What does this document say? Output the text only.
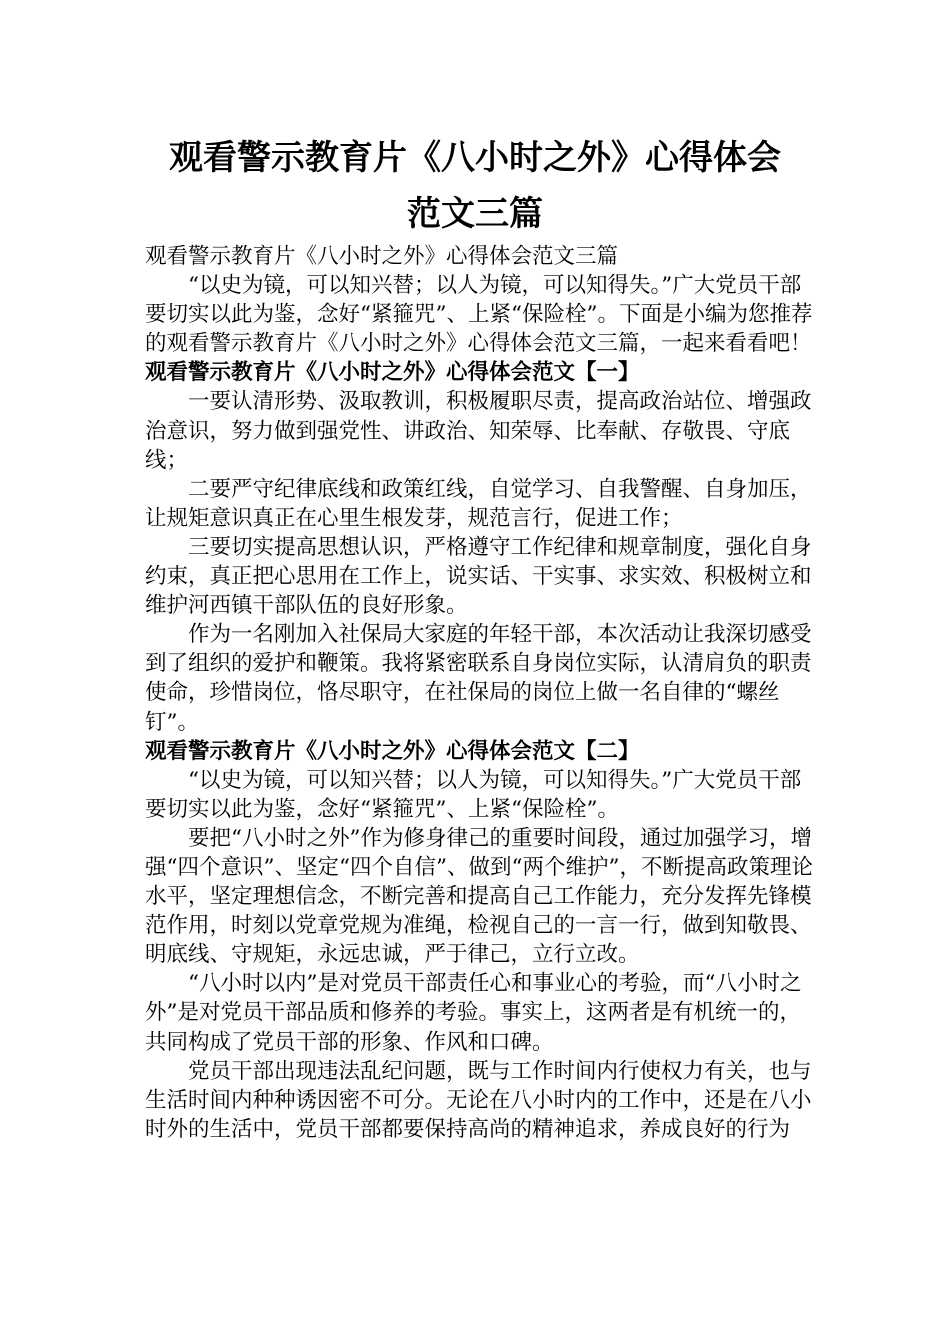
观看警示教育片《八小时之外》心得体会
范文三篇

观看警示教育片《八小时之外》心得体会范文三篇

“以史为镜，可以知兴替；以人为镜，可以知得失。”广大党员干部要切实以此为鉴，念好“紧箍咒”、上紧“保险栓”。下面是小编为您推荐的观看警示教育片《八小时之外》心得体会范文三篇，一起来看看吧！

观看警示教育片《八小时之外》心得体会范文【一】

一要认清形势、汲取教训，积极履职尽责，提高政治站位、增强政治意识，努力做到强党性、讲政治、知荣辱、比奉献、存敬畏、守底线；

二要严守纪律底线和政策红线，自觉学习、自我警醒、自身加压，让规矩意识真正在心里生根发芽，规范言行，促进工作；

三要切实提高思想认识，严格遵守工作纪律和规章制度，强化自身约束，真正把心思用在工作上，说实话、干实事、求实效、积极树立和维护河西镇干部队伍的良好形象。

作为一名刚加入社保局大家庭的年轻干部，本次活动让我深切感受到了组织的爱护和鞭策。我将紧密联系自身岗位实际，认清肩负的职责使命，珍惜岗位，恪尽职守，在社保局的岗位上做一名自律的“螺丝钉”。

观看警示教育片《八小时之外》心得体会范文【二】

“以史为镜，可以知兴替；以人为镜，可以知得失。”广大党员干部要切实以此为鉴，念好“紧箍咒”、上紧“保险栓”。

要把“八小时之外”作为修身律己的重要时间段，通过加强学习，增强“四个意识”、坚定“四个自信”、做到“两个维护”，不断提高政策理论水平，坚定理想信念，不断完善和提高自己工作能力，充分发挥先锋模范作用，时刻以党章党规为准绳，检视自己的一言一行，做到知敬畏、明底线、守规矩，永远忠诚，严于律己，立行立改。

“八小时以内”是对党员干部责任心和事业心的考验，而“八小时之外”是对党员干部品质和修养的考验。事实上，这两者是有机统一的，共同构成了党员干部的形象、作风和口碑。

党员干部出现违法乱纪问题，既与工作时间内行使权力有关，也与生活时间内种种诱因密不可分。无论在八小时内的工作中，还是在八小时外的生活中，党员干部都要保持高尚的精神追求，养成良好的行为
